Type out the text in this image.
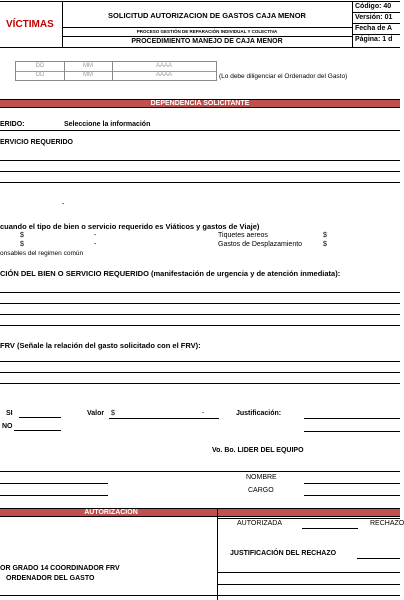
VÍCTIMAS
SOLICITUD AUTORIZACION DE GASTOS CAJA MENOR
PROCESO GESTIÓN DE REPARACIÓN INDIVIDUAL Y COLECTIVA
PROCEDIMIENTO MANEJO DE CAJA MENOR
Código: 40
Versión: 01
Fecha de A
Página: 1 d
DD	MM	AAAA
DD	MM	AAAA	(Lo debe diligenciar el Ordenador del Gasto)
DEPENDENCIA SOLICITANTE
ERIDO:	Seleccione la información
ERVICIO REQUERIDO
-
cuando el tipo de bien o servicio requerido es Viáticos y gastos de Viaje)
$	-	Tiquetes aereos	$
$	-	Gastos de Desplazamiento	$
onsables del regimen común
CIÓN DEL BIEN O SERVICIO REQUERIDO (manifestación de urgencia y de atención inmediata):
FRV (Señale la relación del gasto solicitado con el FRV):
SI
NO
Valor $	-	Justificación:
Vo. Bo. LIDER DEL EQUIPO
NOMBRE
CARGO
AUTORIZACION
AUTORIZADA	RECHAZO
JUSTIFICACIÓN DEL RECHAZO
OR GRADO 14 COORDINADOR FRV
ORDENADOR DEL GASTO
